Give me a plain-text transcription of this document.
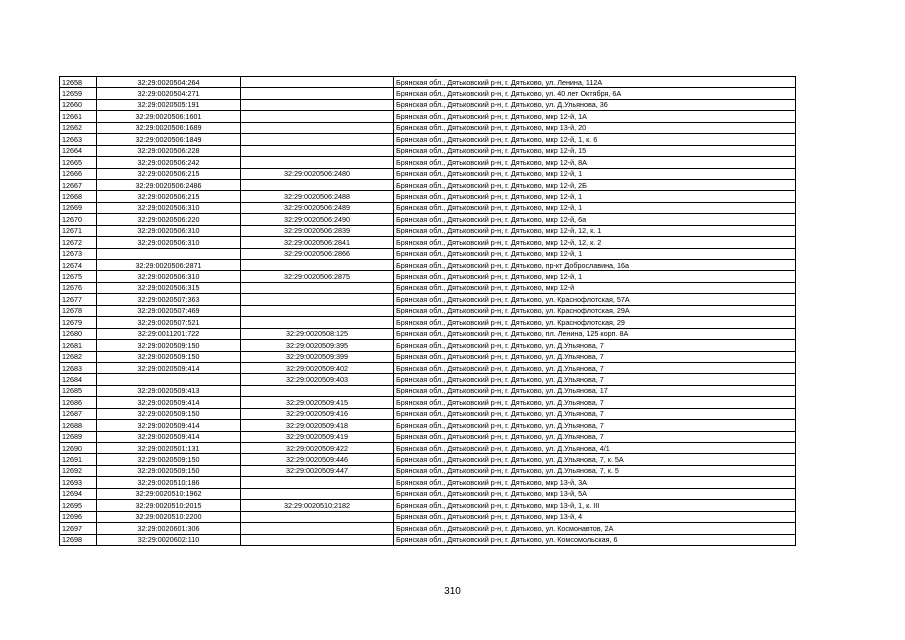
12658	32:29:0020504:264		Брянская обл., Дятьковский р-н, г. Дятьково, ул. Ленина, 112А
12659	32:29:0020504:271		Брянская обл., Дятьковский р-н, г. Дятьково, ул. 40 лет Октября, 6А
12660	32:29:0020505:191		Брянская обл., Дятьковский р-н, г. Дятьково, ул. Д.Ульянова, 36
12661	32:29:0020506:1601		Брянская обл., Дятьковский р-н, г. Дятьково, мкр 12-й, 1А
12662	32:29:0020506:1689		Брянская обл., Дятьковский р-н, г. Дятьково, мкр 13-й, 20
12663	32:29:0020506:1849		Брянская обл., Дятьковский р-н, г. Дятьково, мкр 12-й, 1, к. 6
12664	32:29:0020506:228		Брянская обл., Дятьковский р-н, г. Дятьково, мкр 12-й, 15
12665	32:29:0020506:242		Брянская обл., Дятьковский р-н, г. Дятьково, мкр 12-й, 8А
12666	32:29:0020506:215	32:29:0020506:2480	Брянская обл., Дятьковский р-н, г. Дятьково, мкр 12-й, 1
12667	32:29:0020506:2486		Брянская обл., Дятьковский р-н, г. Дятьково, мкр 12-й, 2Б
12668	32:29:0020506:215	32:29:0020506:2488	Брянская обл., Дятьковский р-н, г. Дятьково, мкр 12-й, 1
12669	32:29:0020506:310	32:29:0020506:2489	Брянская обл., Дятьковский р-н, г. Дятьково, мкр 12-й, 1
12670	32:29:0020506:220	32:29:0020506:2490	Брянская обл., Дятьковский р-н, г. Дятьково, мкр 12-й, 6а
12671	32:29:0020506:310	32:29:0020506:2839	Брянская обл., Дятьковский р-н, г. Дятьково, мкр 12-й, 12, к. 1
12672	32:29:0020506:310	32:29:0020506:2841	Брянская обл., Дятьковский р-н, г. Дятьково, мкр 12-й, 12, к. 2
12673		32:29:0020506:2866	Брянская обл., Дятьковский р-н, г. Дятьково, мкр 12-й, 1
12674	32:29:0020506:2871		Брянская обл., Дятьковский р-н, г. Дятьково, пр-кт Доброславина, 16а
12675	32:29:0020506:310	32:29:0020506:2875	Брянская обл., Дятьковский р-н, г. Дятьково, мкр 12-й, 1
12676	32:29:0020506:315		Брянская обл., Дятьковский р-н, г. Дятьково, мкр 12-й
12677	32:29:0020507:363		Брянская обл., Дятьковский р-н, г. Дятьково, ул. Краснофлотская, 57А
12678	32:29:0020507:469		Брянская обл., Дятьковский р-н, г. Дятьково, ул. Краснофлотская, 29А
12679	32:29:0020507:521		Брянская обл., Дятьковский р-н, г. Дятьково, ул. Краснофлотская, 29
12680	32:29:0011201:722	32:29:0020508:125	Брянская обл., Дятьковский р-н, г. Дятьково, пл. Ленина, 125 корп. 8А
12681	32:29:0020509:150	32:29:0020509:395	Брянская обл., Дятьковский р-н, г. Дятьково, ул. Д.Ульянова, 7
12682	32:29:0020509:150	32:29:0020509:399	Брянская обл., Дятьковский р-н, г. Дятьково, ул. Д.Ульянова, 7
12683	32:29:0020509:414	32:29:0020509:402	Брянская обл., Дятьковский р-н, г. Дятьково, ул. Д.Ульянова, 7
12684		32:29:0020509:403	Брянская обл., Дятьковский р-н, г. Дятьково, ул. Д.Ульянова, 7
12685	32:29:0020509:413		Брянская обл., Дятьковский р-н, г. Дятьково, ул. Д.Ульянова, 17
12686	32:29:0020509:414	32:29:0020509:415	Брянская обл., Дятьковский р-н, г. Дятьково, ул. Д.Ульянова, 7
12687	32:29:0020509:150	32:29:0020509:416	Брянская обл., Дятьковский р-н, г. Дятьково, ул. Д.Ульянова, 7
12688	32:29:0020509:414	32:29:0020509:418	Брянская обл., Дятьковский р-н, г. Дятьково, ул. Д.Ульянова, 7
12689	32:29:0020509:414	32:29:0020509:419	Брянская обл., Дятьковский р-н, г. Дятьково, ул. Д.Ульянова, 7
12690	32:29:0020501:131	32:29:0020509:422	Брянская обл., Дятьковский р-н, г. Дятьково, ул. Д.Ульянова, 4/1
12691	32:29:0020509:150	32:29:0020509:446	Брянская обл., Дятьковский р-н, г. Дятьково, ул. Д.Ульянова, 7, к. 5А
12692	32:29:0020509:150	32:29:0020509:447	Брянская обл., Дятьковский р-н, г. Дятьково, ул. Д.Ульянова, 7, к. 5
12693	32:29:0020510:186		Брянская обл., Дятьковский р-н, г. Дятьково, мкр 13-й, 3А
12694	32:29:0020510:1962		Брянская обл., Дятьковский р-н, г. Дятьково, мкр 13-й, 5А
12695	32:29:0020510:2015	32:29:0020510:2182	Брянская обл., Дятьковский р-н, г. Дятьково, мкр 13-й, 1, к. III
12696	32:29:0020510:2200		Брянская обл., Дятьковский р-н, г. Дятьково, мкр 13-й, 4
12697	32:29:0020601:306		Брянская обл., Дятьковский р-н, г. Дятьково, ул. Космонавтов, 2А
12698	32:29:0020602:110		Брянская обл., Дятьковский р-н, г. Дятьково, ул. Комсомольская, 6
310
